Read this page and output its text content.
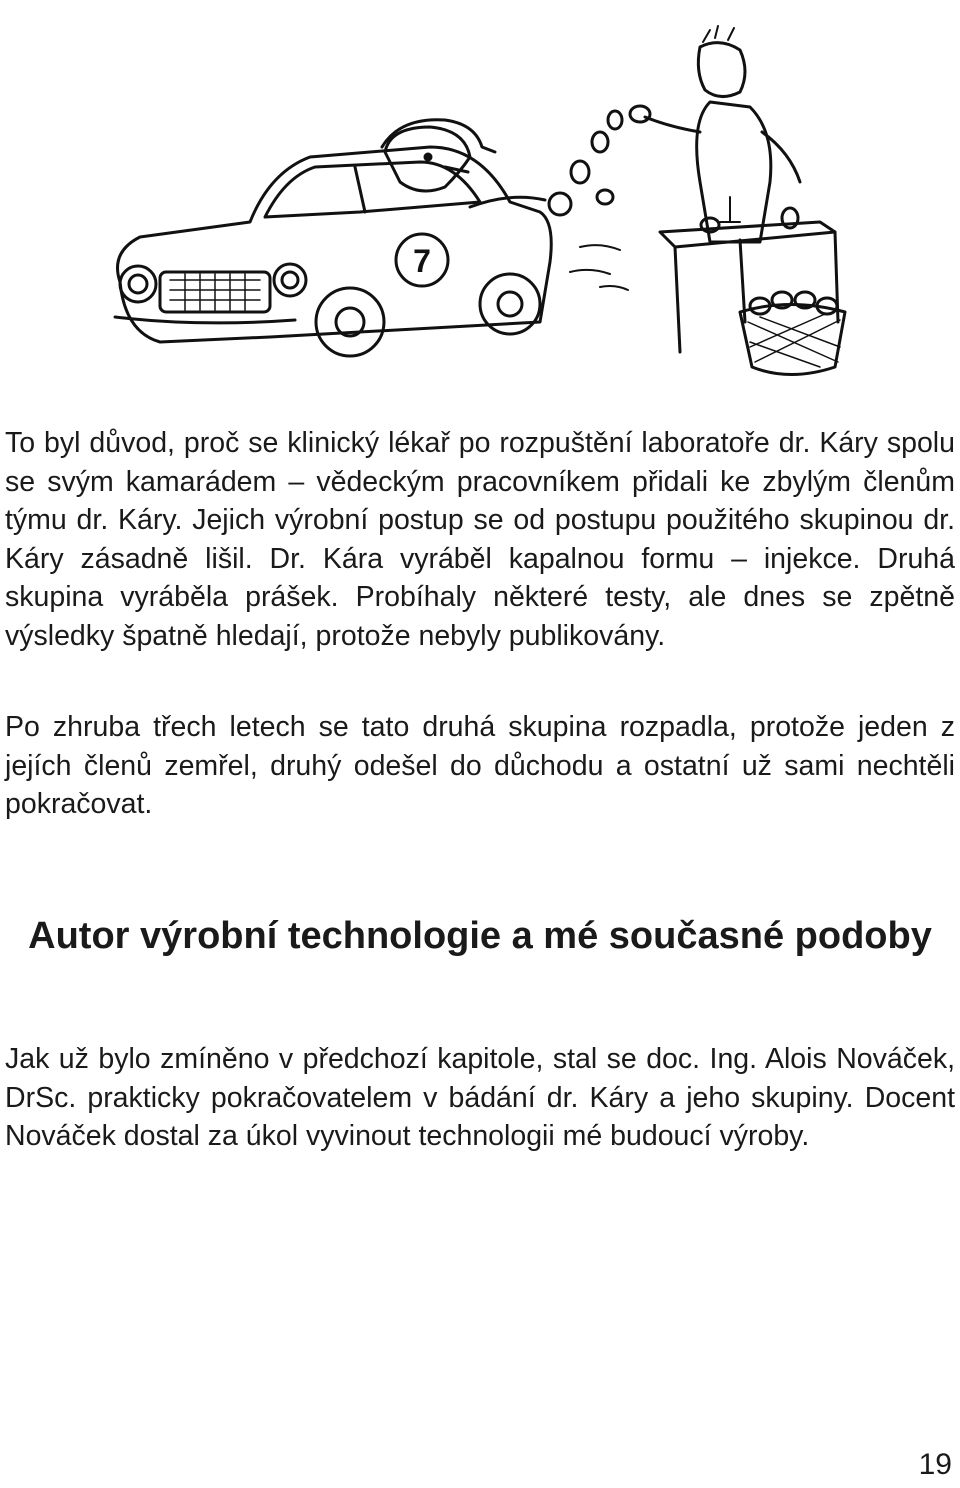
7

To byl důvod, proč se klinický lékař po rozpuštění laboratoře dr. Káry spolu se svým kamarádem – vědeckým pracovníkem přidali ke zbylým členům týmu dr. Káry. Jejich výrobní postup se od postupu použitého skupinou dr. Káry zásadně lišil. Dr. Kára vyráběl kapalnou formu – injekce. Druhá skupina vyráběla prášek. Probíhaly některé testy, ale dnes se zpětně výsledky špatně hledají, protože nebyly publikovány.

Po zhruba třech letech se tato druhá skupina rozpadla, protože jeden z jejích členů zemřel, druhý odešel do důchodu a ostatní už sami nechtěli pokračovat.

Autor výrobní technologie a mé současné podoby

Jak už bylo zmíněno v předchozí kapitole, stal se doc. Ing. Alois Nováček, DrSc. prakticky pokračovatelem v bádání dr. Káry a jeho skupiny. Docent Nováček dostal za úkol vyvinout technologii mé budoucí výroby.

19
